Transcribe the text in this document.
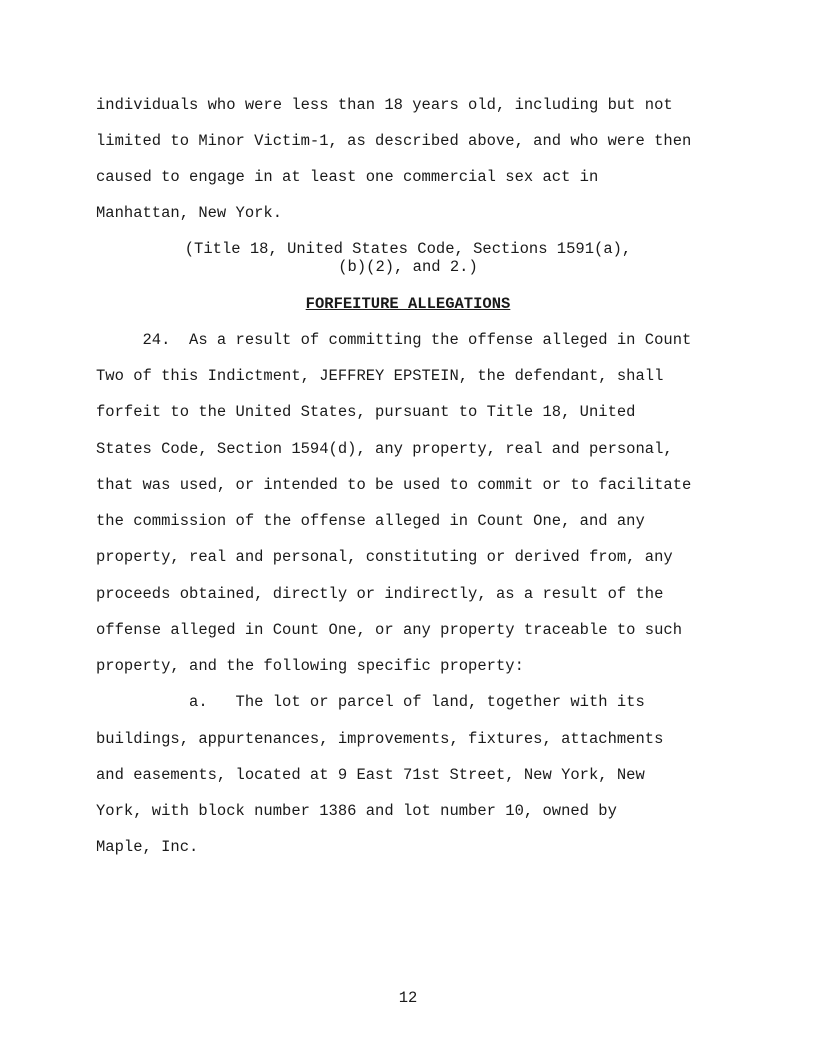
individuals who were less than 18 years old, including but not
limited to Minor Victim-1, as described above, and who were then
caused to engage in at least one commercial sex act in
Manhattan, New York.
(Title 18, United States Code, Sections 1591(a),
(b)(2), and 2.)
FORFEITURE ALLEGATIONS
24.  As a result of committing the offense alleged in Count
Two of this Indictment, JEFFREY EPSTEIN, the defendant, shall
forfeit to the United States, pursuant to Title 18, United
States Code, Section 1594(d), any property, real and personal,
that was used, or intended to be used to commit or to facilitate
the commission of the offense alleged in Count One, and any
property, real and personal, constituting or derived from, any
proceeds obtained, directly or indirectly, as a result of the
offense alleged in Count One, or any property traceable to such
property, and the following specific property:
a.   The lot or parcel of land, together with its
buildings, appurtenances, improvements, fixtures, attachments
and easements, located at 9 East 71st Street, New York, New
York, with block number 1386 and lot number 10, owned by
Maple, Inc.
12
